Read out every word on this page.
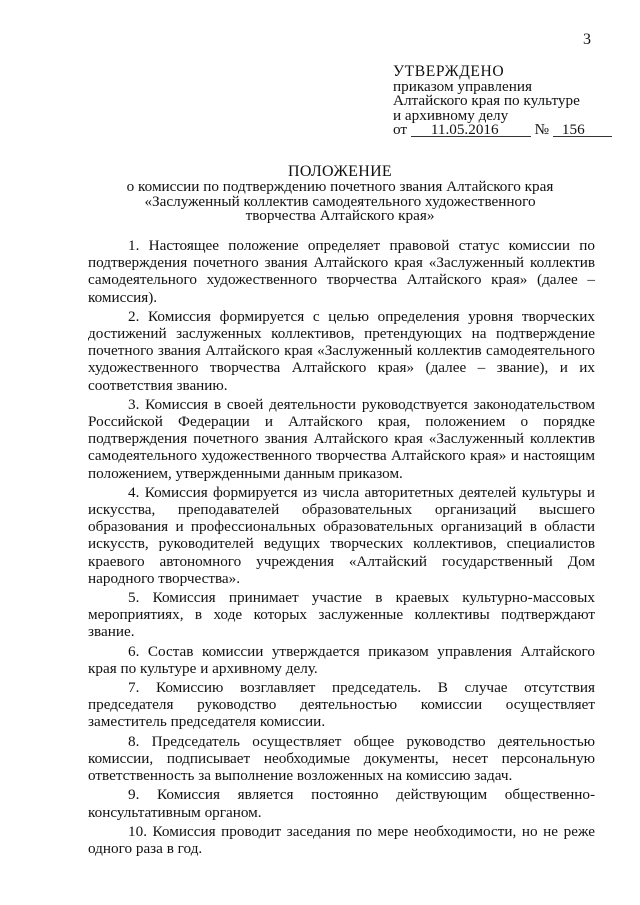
3
УТВЕРЖДЕНО
приказом управления
Алтайского края по культуре
и архивному делу
от 11.05.2016 № 156
ПОЛОЖЕНИЕ
о комиссии по подтверждению почетного звания Алтайского края
«Заслуженный коллектив самодеятельного художественного
творчества Алтайского края»

1. Настоящее положение определяет правовой статус комиссии по подтверждения почетного звания Алтайского края «Заслуженный коллектив самодеятельного художественного творчества Алтайского края» (далее – комиссия).

2. Комиссия формируется с целью определения уровня творческих достижений заслуженных коллективов, претендующих на подтверждение почетного звания Алтайского края «Заслуженный коллектив самодеятельного художественного творчества Алтайского края» (далее – звание), и их соответствия званию.

3. Комиссия в своей деятельности руководствуется законодательством Российской Федерации и Алтайского края, положением о порядке подтверждения почетного звания Алтайского края «Заслуженный коллектив самодеятельного художественного творчества Алтайского края» и настоящим положением, утвержденными данным приказом.

4. Комиссия формируется из числа авторитетных деятелей культуры и искусства, преподавателей образовательных организаций высшего образования и профессиональных образовательных организаций в области искусств, руководителей ведущих творческих коллективов, специалистов краевого автономного учреждения «Алтайский государственный Дом народного творчества».

5. Комиссия принимает участие в краевых культурно-массовых мероприятиях, в ходе которых заслуженные коллективы подтверждают звание.

6. Состав комиссии утверждается приказом управления Алтайского края по культуре и архивному делу.

7. Комиссию возглавляет председатель. В случае отсутствия председателя руководство деятельностью комиссии осуществляет заместитель председателя комиссии.

8. Председатель осуществляет общее руководство деятельностью комиссии, подписывает необходимые документы, несет персональную ответственность за выполнение возложенных на комиссию задач.

9. Комиссия является постоянно действующим общественно-консультативным органом.

10. Комиссия проводит заседания по мере необходимости, но не реже одного раза в год.
